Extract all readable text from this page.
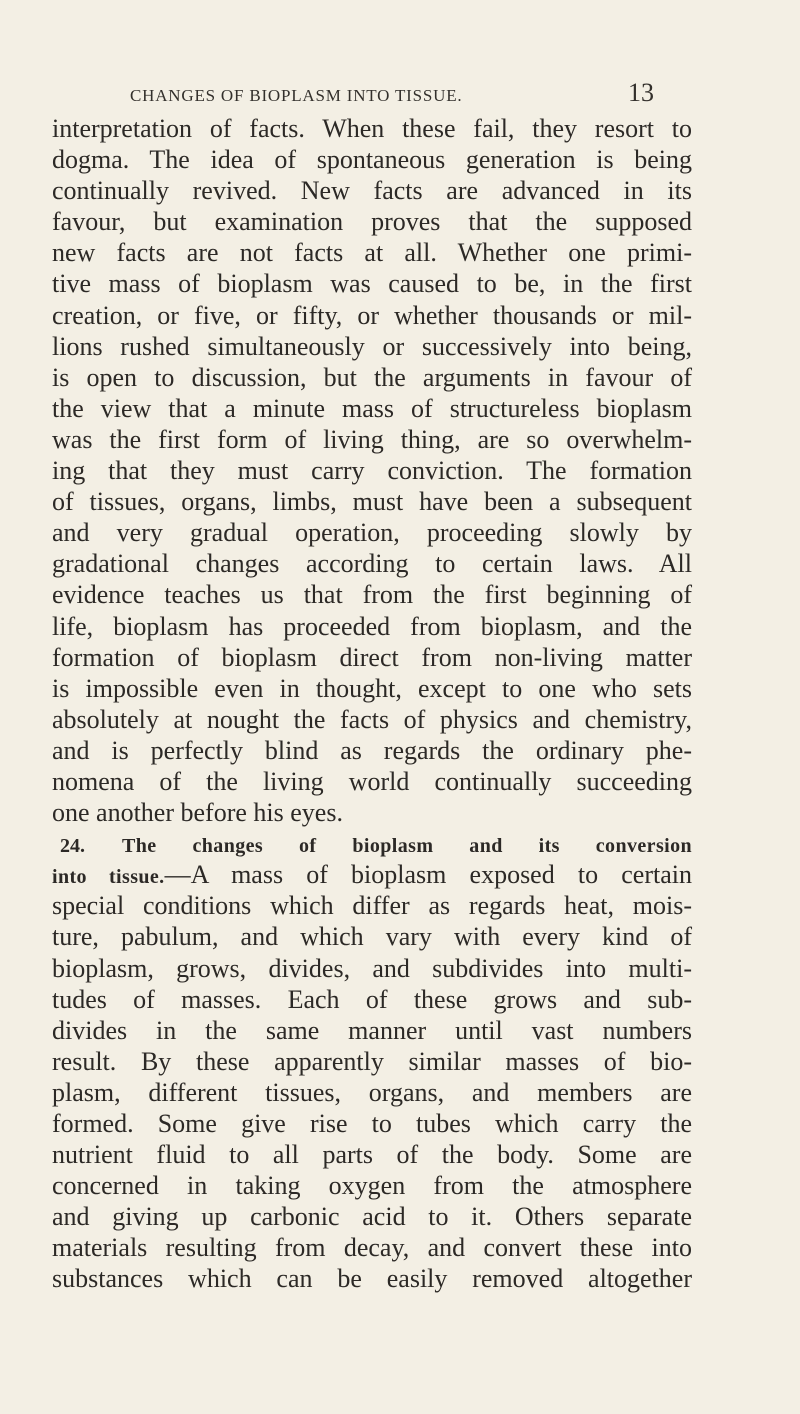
CHANGES OF BIOPLASM INTO TISSUE.	13
interpretation of facts. When these fail, they resort to
dogma. The idea of spontaneous generation is being
continually revived. New facts are advanced in its
favour, but examination proves that the supposed
new facts are not facts at all. Whether one primi-
tive mass of bioplasm was caused to be, in the first
creation, or five, or fifty, or whether thousands or mil-
lions rushed simultaneously or successively into being,
is open to discussion, but the arguments in favour of
the view that a minute mass of structureless bioplasm
was the first form of living thing, are so overwhelm-
ing that they must carry conviction. The formation
of tissues, organs, limbs, must have been a subsequent
and very gradual operation, proceeding slowly by
gradational changes according to certain laws. All
evidence teaches us that from the first beginning of
life, bioplasm has proceeded from bioplasm, and the
formation of bioplasm direct from non-living matter
is impossible even in thought, except to one who sets
absolutely at nought the facts of physics and chemistry,
and is perfectly blind as regards the ordinary phe-
nomena of the living world continually succeeding
one another before his eyes.
24. The changes of bioplasm and its conversion
into tissue.—A mass of bioplasm exposed to certain
special conditions which differ as regards heat, mois-
ture, pabulum, and which vary with every kind of
bioplasm, grows, divides, and subdivides into multi-
tudes of masses. Each of these grows and sub-
divides in the same manner until vast numbers
result. By these apparently similar masses of bio-
plasm, different tissues, organs, and members are
formed. Some give rise to tubes which carry the
nutrient fluid to all parts of the body. Some are
concerned in taking oxygen from the atmosphere
and giving up carbonic acid to it. Others separate
materials resulting from decay, and convert these into
substances which can be easily removed altogether
